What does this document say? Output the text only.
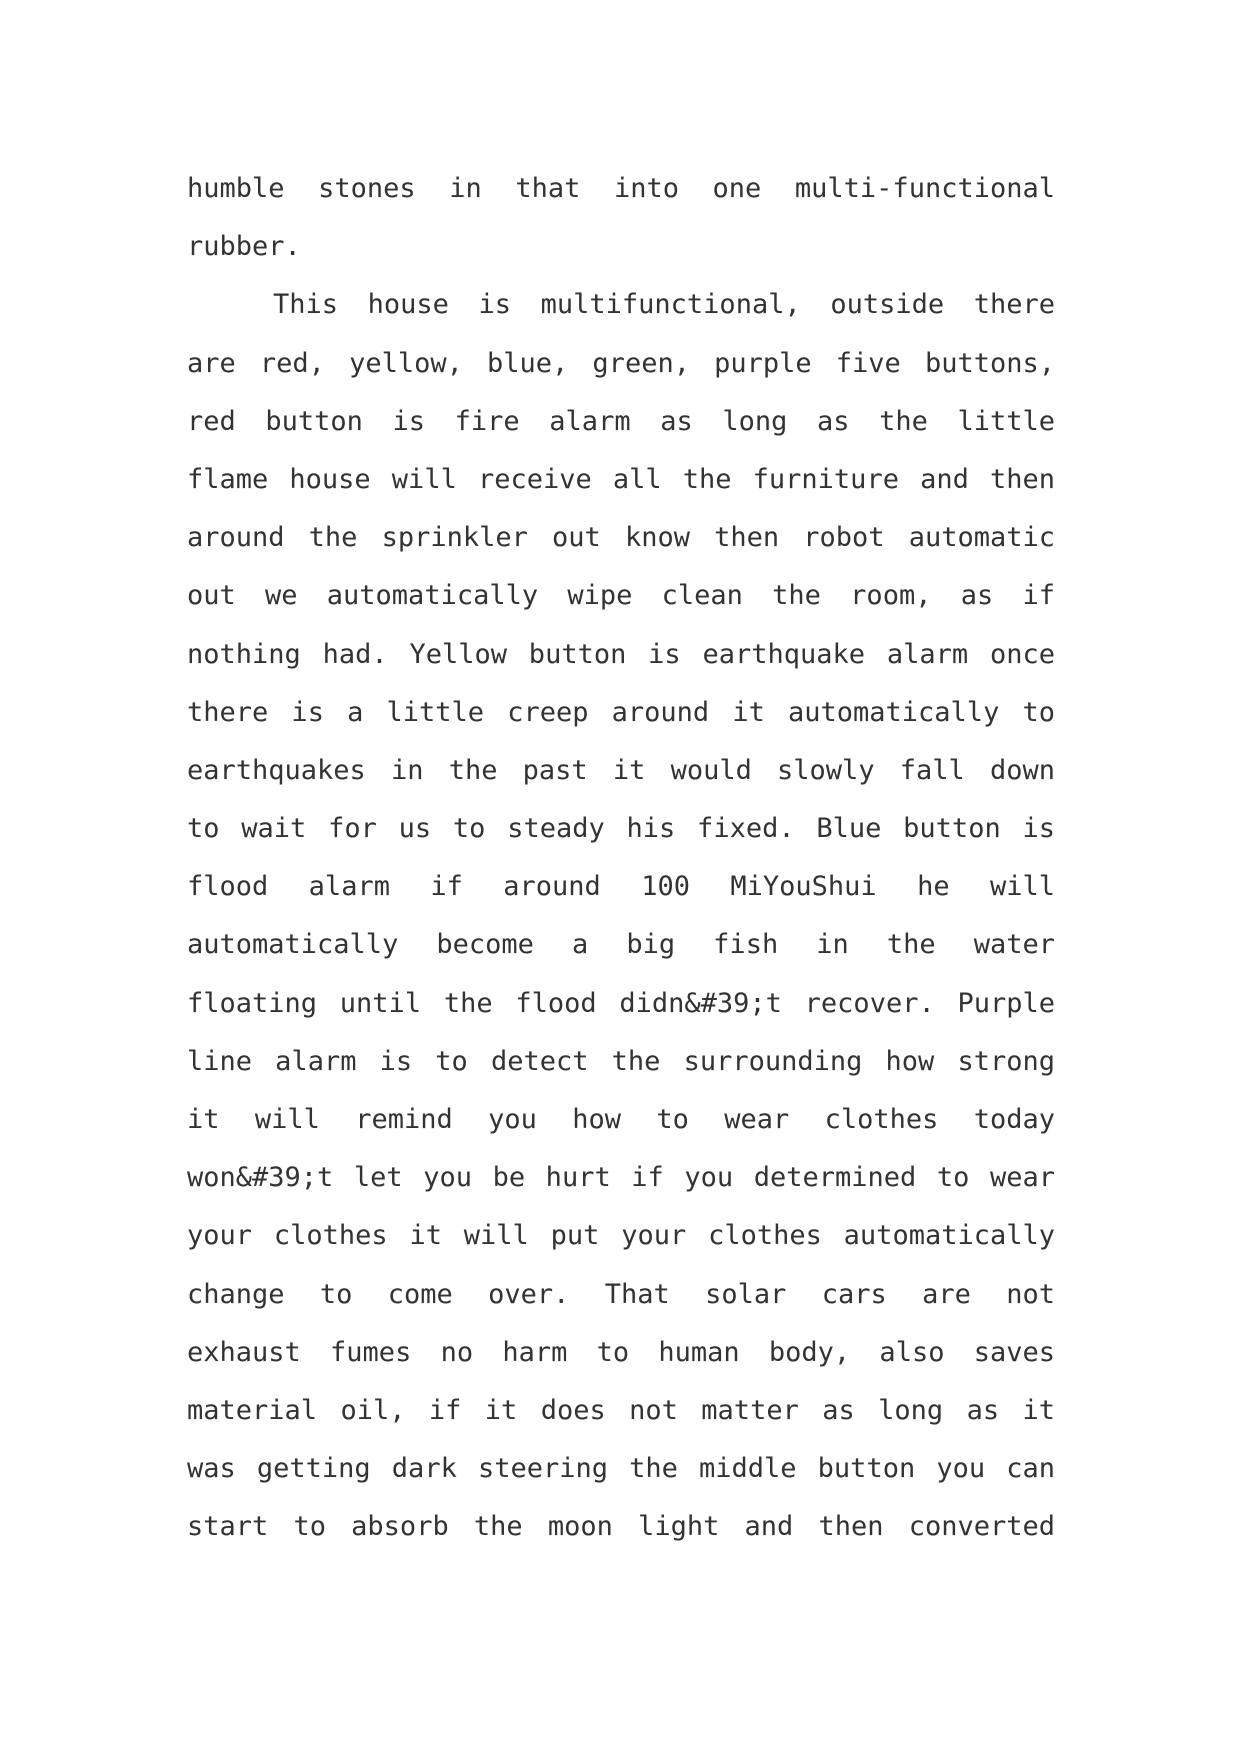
humble stones in that into one multi-functional
rubber.
This house is multifunctional, outside there
are red, yellow, blue, green, purple five buttons,
red button is fire alarm as long as the little
flame house will receive all the furniture and then
around the sprinkler out know then robot automatic
out we automatically wipe clean the room, as if
nothing had. Yellow button is earthquake alarm once
there is a little creep around it automatically to
earthquakes in the past it would slowly fall down
to wait for us to steady his fixed. Blue button is
flood alarm if around 100 MiYouShui he will
automatically become a big fish in the water
floating until the flood didn&#39;t recover. Purple
line alarm is to detect the surrounding how strong
it will remind you how to wear clothes today
won&#39;t let you be hurt if you determined to wear
your clothes it will put your clothes automatically
change to come over. That solar cars are not
exhaust fumes no harm to human body, also saves
material oil, if it does not matter as long as it
was getting dark steering the middle button you can
start to absorb the moon light and then converted
